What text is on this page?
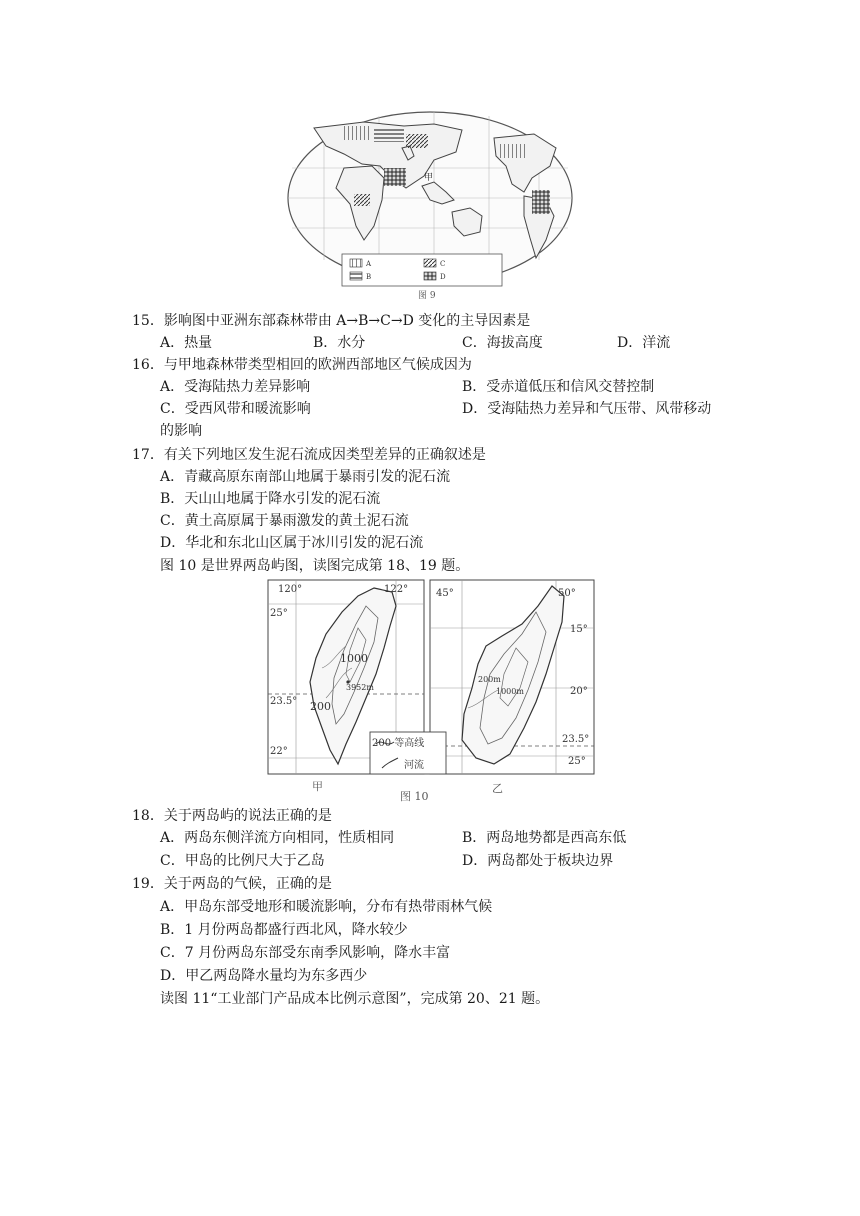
甲
A
B
C
D
图 9
15．影响图中亚洲东部森林带由 A→B→C→D 变化的主导因素是
A．热量	B．水分	C．海拔高度	D．洋流
16．与甲地森林带类型相回的欧洲西部地区气候成因为
A．受海陆热力差异影响	B．受赤道低压和信风交替控制
C．受西风带和暖流影响	D．受海陆热力差异和气压带、风带移动
的影响
17．有关下列地区发生泥石流成因类型差异的正确叙述是
A．青藏高原东南部山地属于暴雨引发的泥石流
B．天山山地属于降水引发的泥石流
C．黄土高原属于暴雨激发的黄土泥石流
D．华北和东北山区属于冰川引发的泥石流
图 10 是世界两岛屿图，读图完成第 18、19 题。
120°	122°
25°
23.5°
22°
1000
3952m
200
45°	50°
15°
20°
23.5°
25°
200m
1000m
200 等高线
河流
甲
图 10
乙
18．关于两岛屿的说法正确的是
A．两岛东侧洋流方向相同，性质相同	B．两岛地势都是西高东低
C．甲岛的比例尺大于乙岛	D．两岛都处于板块边界
19．关于两岛的气候，正确的是
A．甲岛东部受地形和暖流影响，分布有热带雨林气候
B．1 月份两岛都盛行西北风，降水较少
C．7 月份两岛东部受东南季风影响，降水丰富
D．甲乙两岛降水量均为东多西少
读图 11“工业部门产品成本比例示意图”，完成第 20、21 题。
